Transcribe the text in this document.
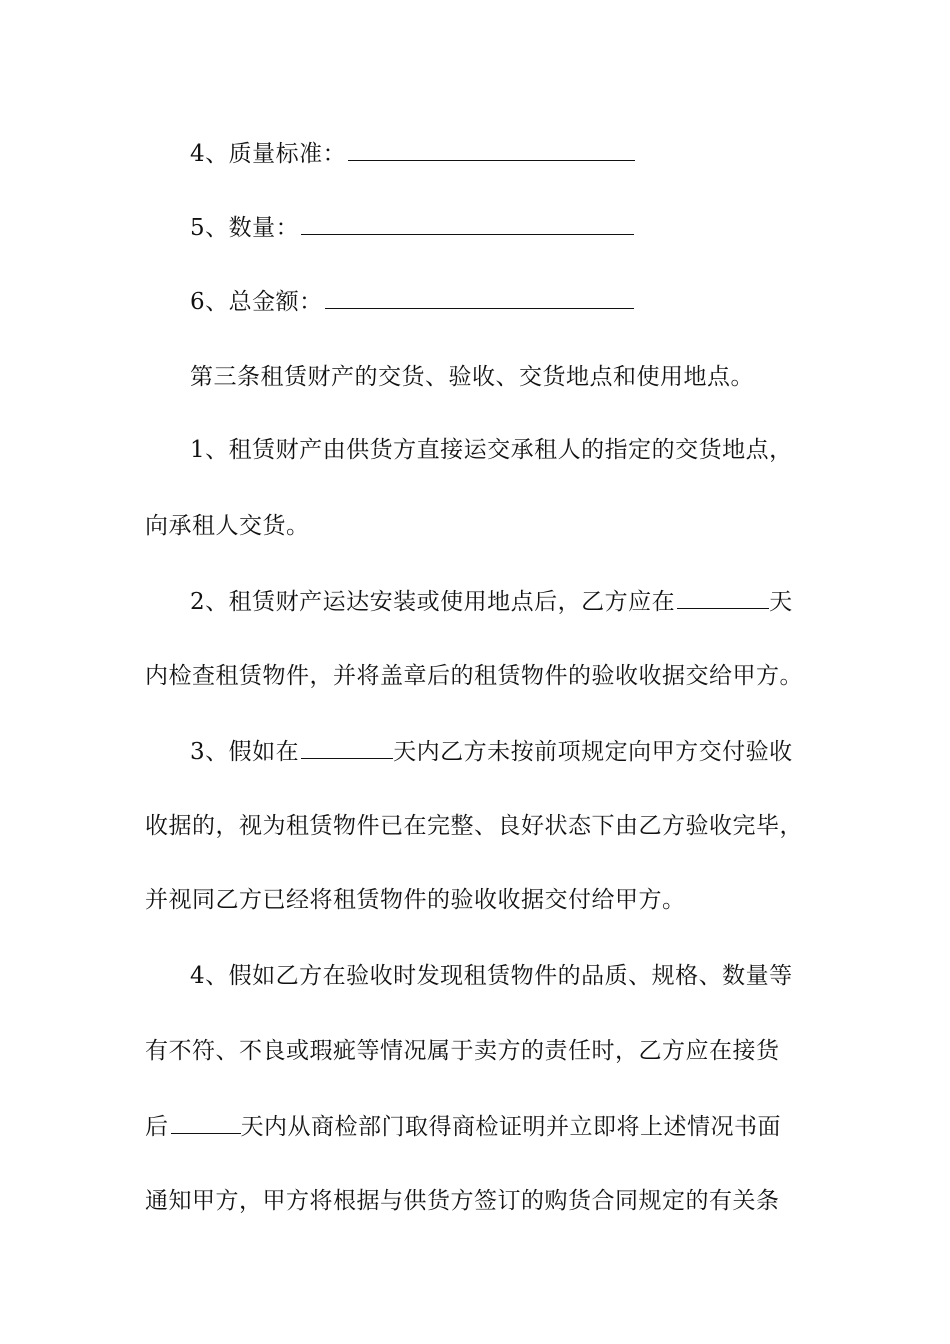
4、质量标准：
5、数量：
6、总金额：
第三条租赁财产的交货、验收、交货地点和使用地点。
1、租赁财产由供货方直接运交承租人的指定的交货地点，
向承租人交货。
2、租赁财产运达安装或使用地点后，乙方应在	天
内检查租赁物件，并将盖章后的租赁物件的验收收据交给甲方。
3、假如在	天内乙方未按前项规定向甲方交付验收
收据的，视为租赁物件已在完整、良好状态下由乙方验收完毕，
并视同乙方已经将租赁物件的验收收据交付给甲方。
4、假如乙方在验收时发现租赁物件的品质、规格、数量等
有不符、不良或瑕疵等情况属于卖方的责任时，乙方应在接货
后	天内从商检部门取得商检证明并立即将上述情况书面
通知甲方，甲方将根据与供货方签订的购货合同规定的有关条
